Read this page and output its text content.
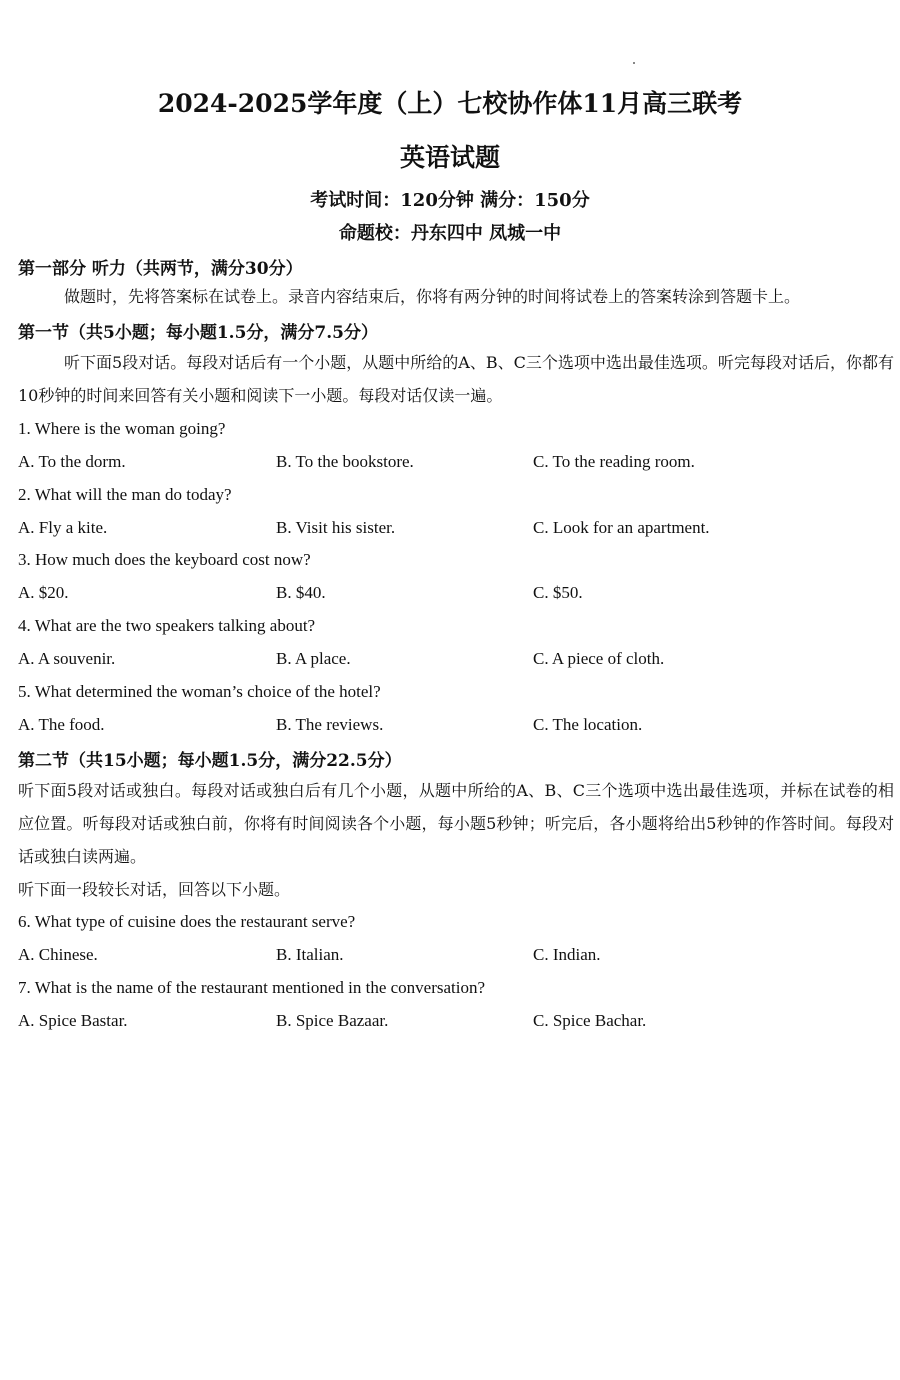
2024-2025学年度（上）七校协作体11月高三联考
英语试题
考试时间：120分钟 满分：150分
命题校：丹东四中 凤城一中
第一部分 听力（共两节，满分30分）
做题时，先将答案标在试卷上。录音内容结束后，你将有两分钟的时间将试卷上的答案转涂到答题卡上。
第一节（共5小题；每小题1.5分，满分7.5分）
听下面5段对话。每段对话后有一个小题，从题中所给的A、B、C三个选项中选出最佳选项。听完每段对话后，你都有10秒钟的时间来回答有关小题和阅读下一小题。每段对话仅读一遍。
1. Where is the woman going?
A. To the dorm.	B. To the bookstore.	C. To the reading room.
2. What will the man do today?
A. Fly a kite.	B. Visit his sister.	C. Look for an apartment.
3. How much does the keyboard cost now?
A. $20.	B. $40.	C. $50.
4. What are the two speakers talking about?
A. A souvenir.	B. A place.	C. A piece of cloth.
5. What determined the woman’s choice of the hotel?
A. The food.	B. The reviews.	C. The location.
第二节（共15小题；每小题1.5分，满分22.5分）
听下面5段对话或独白。每段对话或独白后有几个小题，从题中所给的A、B、C三个选项中选出最佳选项，并标在试卷的相应位置。听每段对话或独白前，你将有时间阅读各个小题，每小题5秒钟；听完后，各小题将给出5秒钟的作答时间。每段对话或独白读两遍。
听下面一段较长对话，回答以下小题。
6. What type of cuisine does the restaurant serve?
A. Chinese.	B. Italian.	C. Indian.
7. What is the name of the restaurant mentioned in the conversation?
A. Spice Bastar.	B. Spice Bazaar.	C. Spice Bachar.
